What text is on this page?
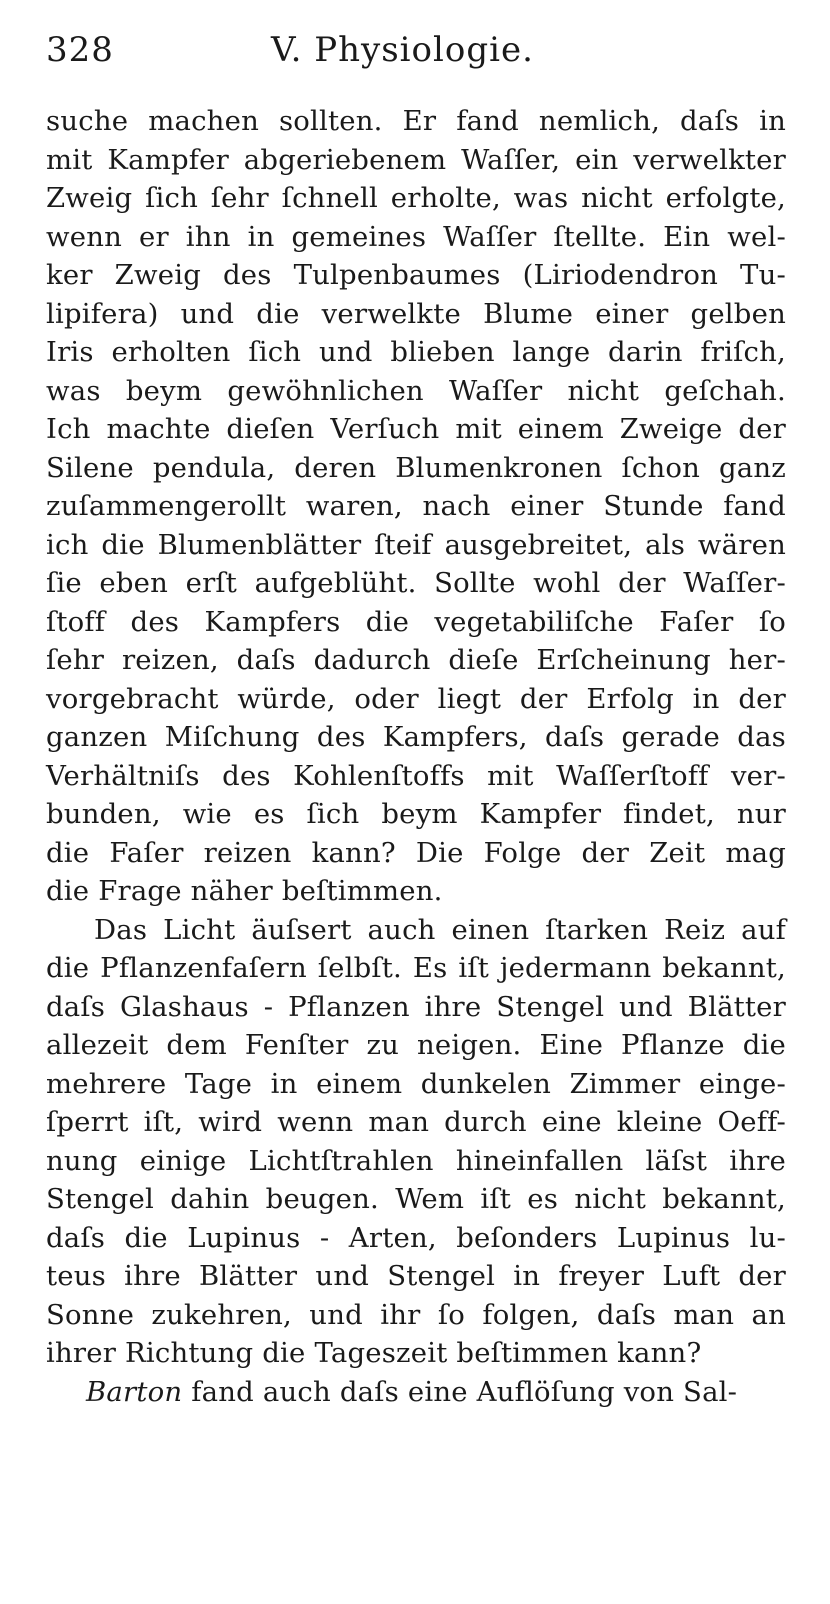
328	V. Physiologie.
suche machen sollten. Er fand nemlich, daſs in
mit Kampfer abgeriebenem Waſſer, ein verwelkter
Zweig ſich ſehr ſchnell erholte, was nicht erfolgte,
wenn er ihn in gemeines Waſſer ſtellte. Ein wel-
ker Zweig des Tulpenbaumes (Liriodendron Tu-
lipifera) und die verwelkte Blume einer gelben
Iris erholten ſich und blieben lange darin friſch,
was beym gewöhnlichen Waſſer nicht geſchah.
Ich machte dieſen Verſuch mit einem Zweige der
Silene pendula, deren Blumenkronen ſchon ganz
zuſammengerollt waren, nach einer Stunde fand
ich die Blumenblätter ſteif ausgebreitet, als wären
ſie eben erſt aufgeblüht. Sollte wohl der Waſſer-
ſtoff des Kampfers die vegetabiliſche Faſer ſo
ſehr reizen, daſs dadurch dieſe Erſcheinung her-
vorgebracht würde, oder liegt der Erfolg in der
ganzen Miſchung des Kampfers, daſs gerade das
Verhältniſs des Kohlenſtoffs mit Waſſerſtoff ver-
bunden, wie es ſich beym Kampfer findet, nur
die Faſer reizen kann? Die Folge der Zeit mag
die Frage näher beſtimmen.
Das Licht äuſsert auch einen ſtarken Reiz auf
die Pflanzenfaſern ſelbſt. Es iſt jedermann bekannt,
daſs Glashaus - Pflanzen ihre Stengel und Blätter
allezeit dem Fenſter zu neigen. Eine Pflanze die
mehrere Tage in einem dunkelen Zimmer einge-
ſperrt iſt, wird wenn man durch eine kleine Oeff-
nung einige Lichtſtrahlen hineinfallen läſst ihre
Stengel dahin beugen. Wem iſt es nicht bekannt,
daſs die Lupinus - Arten, beſonders Lupinus lu-
teus ihre Blätter und Stengel in freyer Luft der
Sonne zukehren, und ihr ſo folgen, daſs man an
ihrer Richtung die Tageszeit beſtimmen kann?
Barton fand auch daſs eine Auflöſung von Sal-
